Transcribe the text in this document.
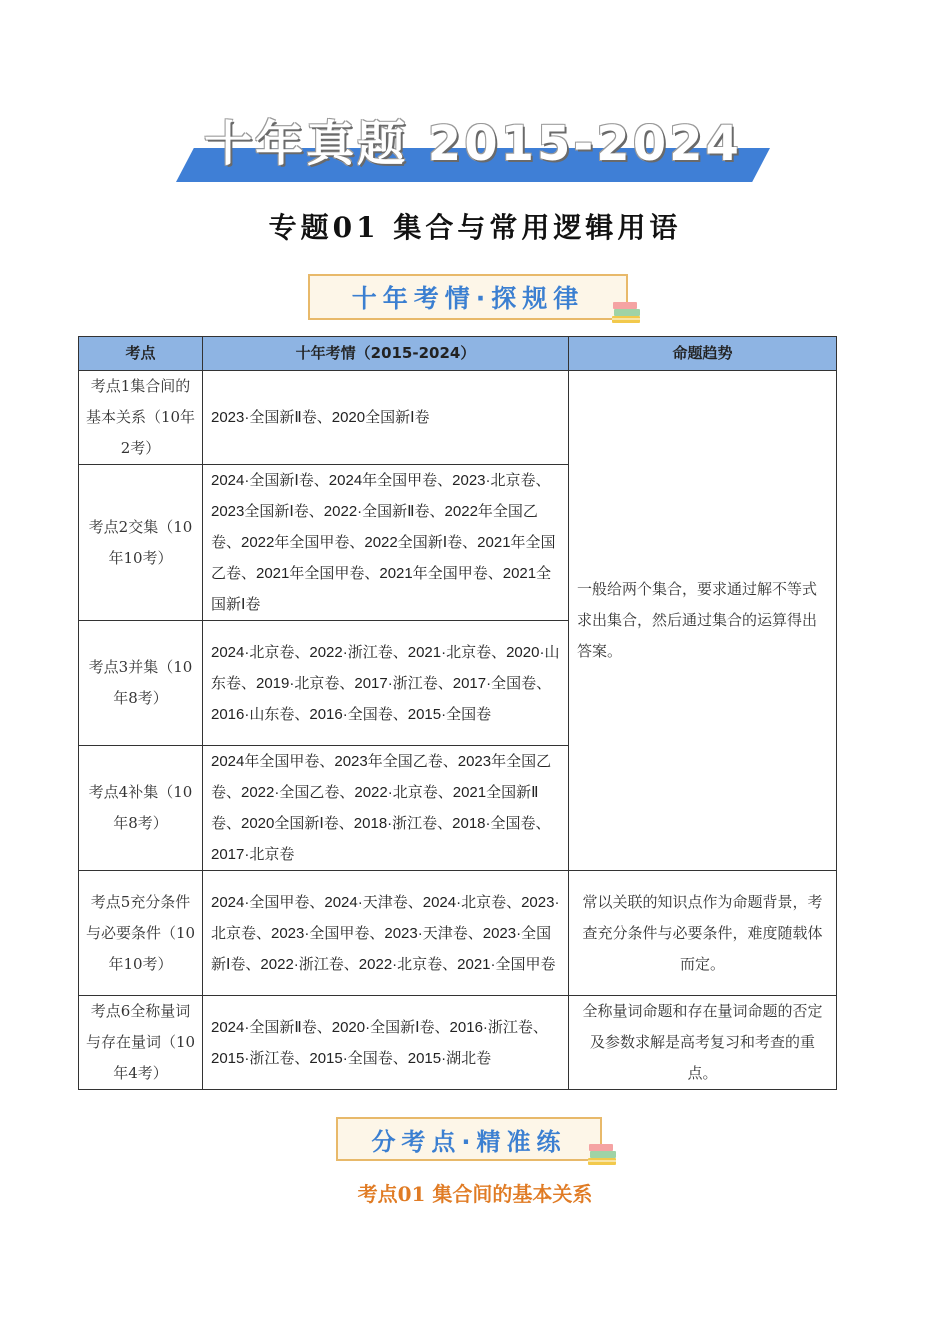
十年真题 2015-2024
专题01 集合与常用逻辑用语
十年考情·探规律
考点	十年考情（2015-2024）	命题趋势
考点1集合间的基本关系（10年2考）	2023·全国新Ⅱ卷、2020全国新Ⅰ卷	一般给两个集合，要求通过解不等式求出集合，然后通过集合的运算得出答案。
考点2交集（10年10考）	2024·全国新Ⅰ卷、2024年全国甲卷、2023·北京卷、2023全国新Ⅰ卷、2022·全国新Ⅱ卷、2022年全国乙卷、2022年全国甲卷、2022全国新Ⅰ卷、2021年全国乙卷、2021年全国甲卷、2021年全国甲卷、2021全国新Ⅰ卷	
考点3并集（10年8考）	2024·北京卷、2022·浙江卷、2021·北京卷、2020·山东卷、2019·北京卷、2017·浙江卷、2017·全国卷、2016·山东卷、2016·全国卷、2015·全国卷	
考点4补集（10年8考）	2024年全国甲卷、2023年全国乙卷、2023年全国乙卷、2022·全国乙卷、2022·北京卷、2021全国新Ⅱ卷、2020全国新Ⅰ卷、2018·浙江卷、2018·全国卷、2017·北京卷	
考点5充分条件与必要条件（10年10考）	2024·全国甲卷、2024·天津卷、2024·北京卷、2023·北京卷、2023·全国甲卷、2023·天津卷、2023·全国新Ⅰ卷、2022·浙江卷、2022·北京卷、2021·全国甲卷	常以关联的知识点作为命题背景，考查充分条件与必要条件，难度随载体而定。
考点6全称量词与存在量词（10年4考）	2024·全国新Ⅱ卷、2020·全国新Ⅰ卷、2016·浙江卷、2015·浙江卷、2015·全国卷、2015·湖北卷	全称量词命题和存在量词命题的否定及参数求解是高考复习和考查的重点。
分考点·精准练
考点01 集合间的基本关系
